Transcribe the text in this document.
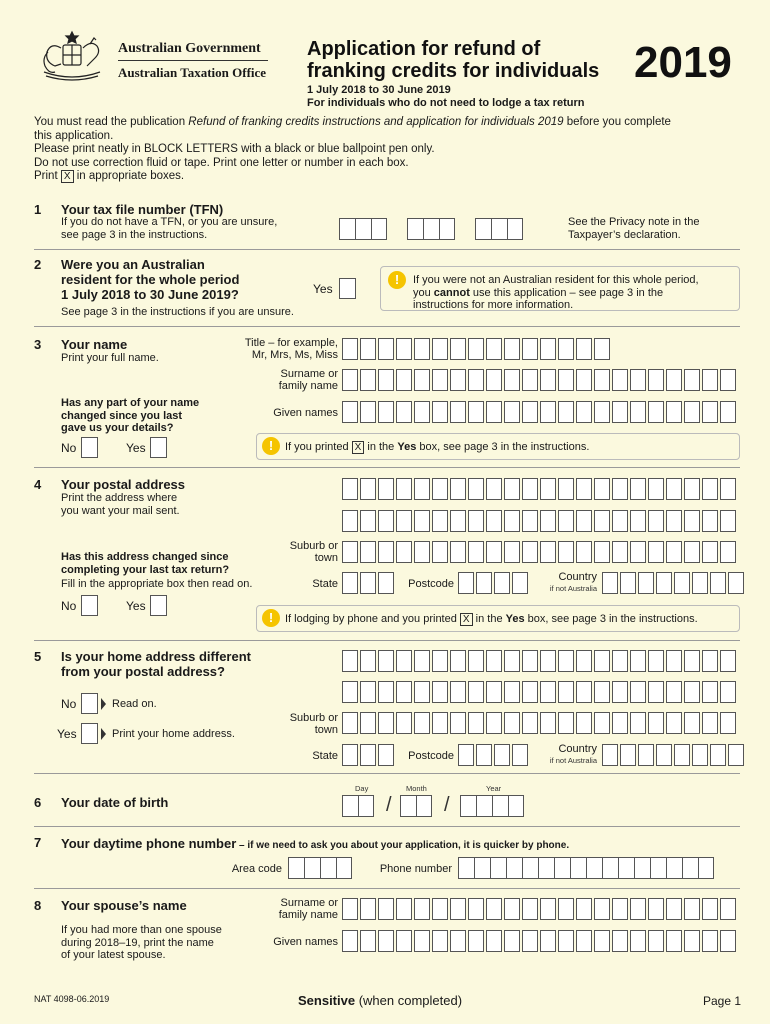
Australian Government
Australian Taxation Office
Application for refund of
franking credits for individuals 2019
1 July 2018 to 30 June 2019
For individuals who do not need to lodge a tax return
You must read the publication Refund of franking credits instructions and application for individuals 2019 before you complete
this application.
Please print neatly in BLOCK LETTERS with a black or blue ballpoint pen only.
Do not use correction fluid or tape. Print one letter or number in each box.
Print X in appropriate boxes.
1 Your tax file number (TFN)
If you do not have a TFN, or you are unsure,
see page 3 in the instructions.
See the Privacy note in the
Taxpayer’s declaration.
2 Were you an Australian
resident for the whole period
1 July 2018 to 30 June 2019?
See page 3 in the instructions if you are unsure.
Yes
!	If you were not an Australian resident for this whole period,
you cannot use this application – see page 3 in the
instructions for more information.
3 Your name
Print your full name.
Title – for example,
Mr, Mrs, Ms, Miss
Surname or
family name
Has any part of your name
changed since you last
gave us your details?
Given names
No	Yes	!	If you printed X in the Yes box, see page 3 in the instructions.
4 Your postal address
Print the address where
you want your mail sent.
Suburb or
town
Has this address changed since
completing your last tax return?
Fill in the appropriate box then read on.	State	Postcode
Country
if not Australia
No	Yes
!	If lodging by phone and you printed X in the Yes box, see page 3 in the instructions.
5 Is your home address different
from your postal address?
No	Read on.
Suburb or
town
Yes	Print your home address.
State	Postcode
Country
if not Australia
Day	Month	Year
6 Your date of birth	/	/
7 Your daytime phone number – if we need to ask you about your application, it is quicker by phone.
Area code	Phone number
8 Your spouse’s name	Surname or
family name
If you had more than one spouse
during 2018–19, print the name
of your latest spouse.
Given names
NAT 4098-06.2019	Sensitive (when completed)	Page 1
